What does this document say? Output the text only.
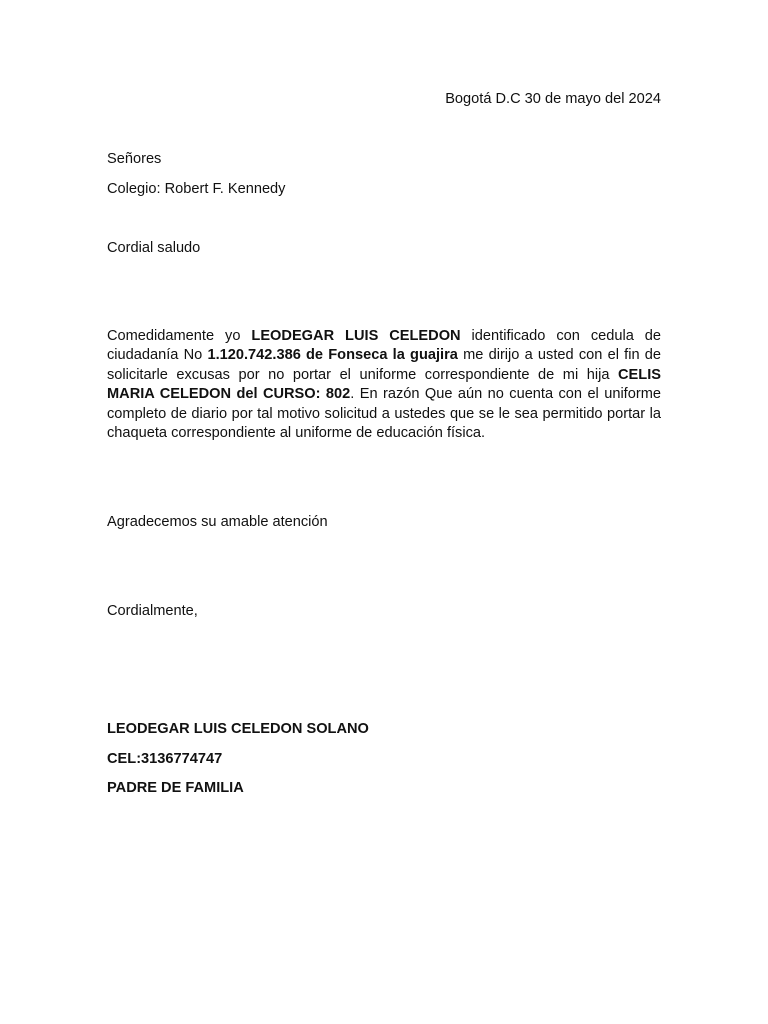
Bogotá D.C 30 de mayo del 2024
Señores
Colegio: Robert F. Kennedy
Cordial saludo
Comedidamente yo LEODEGAR LUIS CELEDON identificado con cedula de ciudadanía No 1.120.742.386 de Fonseca la guajira me dirijo a usted con el fin de solicitarle excusas por no portar el uniforme correspondiente de mi hija CELIS MARIA CELEDON del CURSO: 802. En razón Que aún no cuenta con el uniforme completo de diario por tal motivo solicitud a ustedes que se le sea permitido portar la chaqueta correspondiente al uniforme de educación física.
Agradecemos su amable atención
Cordialmente,
LEODEGAR LUIS CELEDON SOLANO
CEL:3136774747
PADRE DE FAMILIA
